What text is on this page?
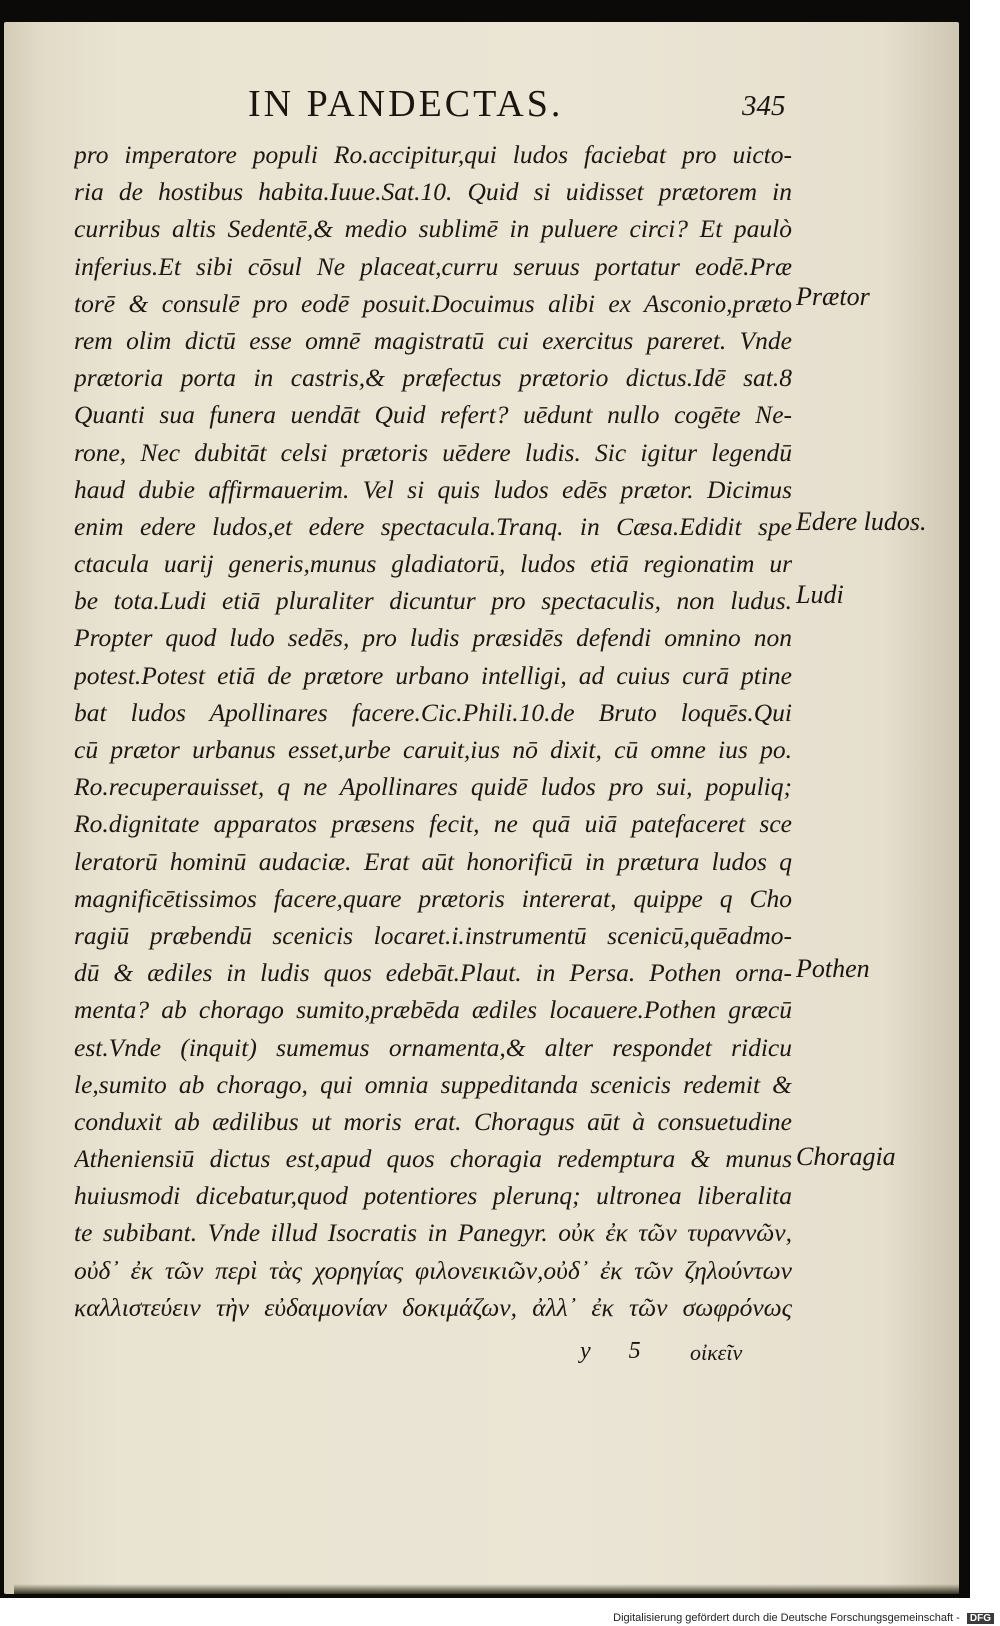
IN PANDECTAS.	345
pro imperatore populi Ro.accipitur,qui ludos faciebat pro uicto-
ria de hostibus habita.Iuue.Sat.10. Quid si uidisset prætorem in
curribus altis Sedentē,& medio sublimē in puluere circi? Et paulò
inferius.Et sibi cōsul Ne placeat,curru seruus portatur eodē.Præ
torē & consulē pro eodē posuit.Docuimus alibi ex Asconio,præto
rem olim dictū esse omnē magistratū cui exercitus pareret. Vnde
prætoria porta in castris,& præfectus prætorio dictus.Idē sat.8
Quanti sua funera uendāt Quid refert? uēdunt nullo cogēte Ne-
rone, Nec dubitāt celsi prætoris uēdere ludis. Sic igitur legendū
haud dubie affirmauerim. Vel si quis ludos edēs prætor. Dicimus
enim edere ludos,et edere spectacula.Tranq. in Cæsa.Edidit spe
ctacula uarij generis,munus gladiatorū, ludos etiā regionatim ur
be tota.Ludi etiā pluraliter dicuntur pro spectaculis, non ludus.
Propter quod ludo sedēs, pro ludis præsidēs defendi omnino non
potest.Potest etiā de prætore urbano intelligi, ad cuius curā ptine
bat ludos Apollinares facere.Cic.Phili.10.de Bruto loquēs.Qui
cū prætor urbanus esset,urbe caruit,ius nō dixit, cū omne ius po.
Ro.recuperauisset, q ne Apollinares quidē ludos pro sui, populiq;
Ro.dignitate apparatos præsens fecit, ne quā uiā patefaceret sce
leratorū hominū audaciæ. Erat aūt honorificū in prætura ludos q
magnificētissimos facere,quare prætoris intererat, quippe q Cho
ragiū præbendū scenicis locaret.i.instrumentū scenicū,quēadmo-
dū & ædiles in ludis quos edebāt.Plaut. in Persa. Pothen orna-
menta? ab chorago sumito,præbēda ædiles locauere.Pothen græcū
est.Vnde (inquit) sumemus ornamenta,& alter respondet ridicu
le,sumito ab chorago, qui omnia suppeditanda scenicis redemit &
conduxit ab ædilibus ut moris erat. Choragus aūt à consuetudine
Atheniensiū dictus est,apud quos choragia redemptura & munus
huiusmodi dicebatur,quod potentiores plerunq; ultronea liberalita
te subibant. Vnde illud Isocratis in Panegyr. οὐκ ἐκ τῶν τυραννῶν,
οὐδ᾽ ἐκ τῶν περὶ τὰς χορηγίας φιλονεικιῶν,οὐδ᾽ ἐκ τῶν ζηλούντων
καλλιστεύειν τὴν εὐδαιμονίαν δοκιμάζων, ἀλλ᾽ ἐκ τῶν σωφρόνως
Prætor
Edere ludos.
Ludi
Pothen
Choragia
y 5 οἰκεῖν
Digitalisierung gefördert durch die Deutsche Forschungsgemeinschaft - DFG
